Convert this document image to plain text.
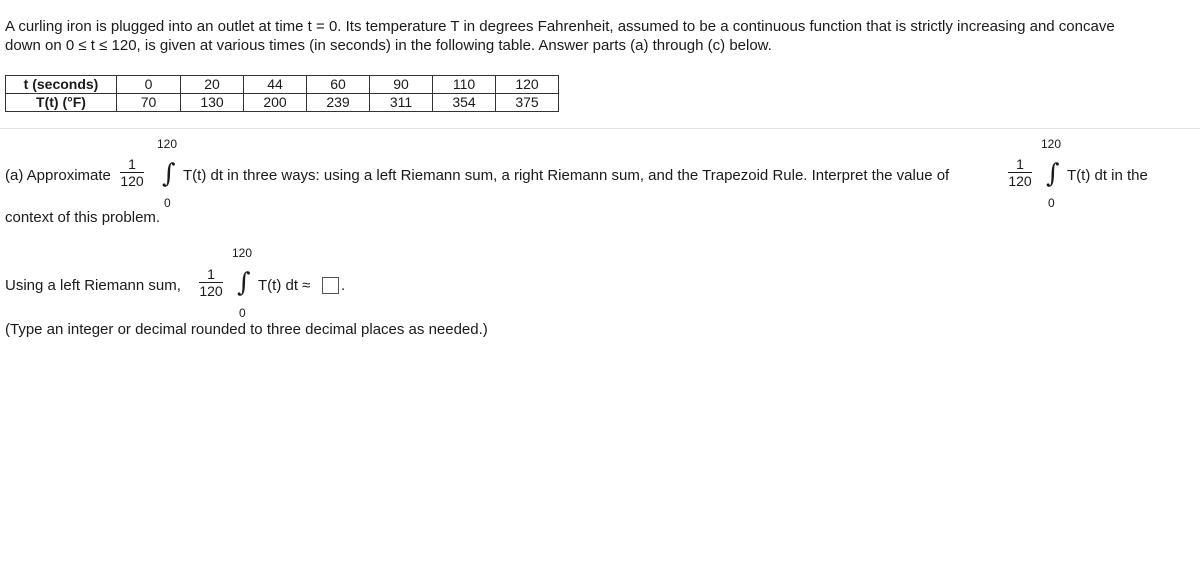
A curling iron is plugged into an outlet at time t = 0. Its temperature T in degrees Fahrenheit, assumed to be a continuous function that is strictly increasing and concave
down on 0 ≤ t ≤ 120, is given at various times (in seconds) in the following table. Answer parts (a) through (c) below.
t (seconds)	0	20	44	60	90	110	120
T(t) (°F)	70	130	200	239	311	354	375
(a) Approximate
1
120
120
∫
0
T(t) dt in three ways: using a left Riemann sum, a right Riemann sum, and the Trapezoid Rule. Interpret the value of
1
120
120
∫
0
T(t) dt in the
context of this problem.
Using a left Riemann sum,
1
120
120
∫
0
T(t) dt ≈ .
(Type an integer or decimal rounded to three decimal places as needed.)
